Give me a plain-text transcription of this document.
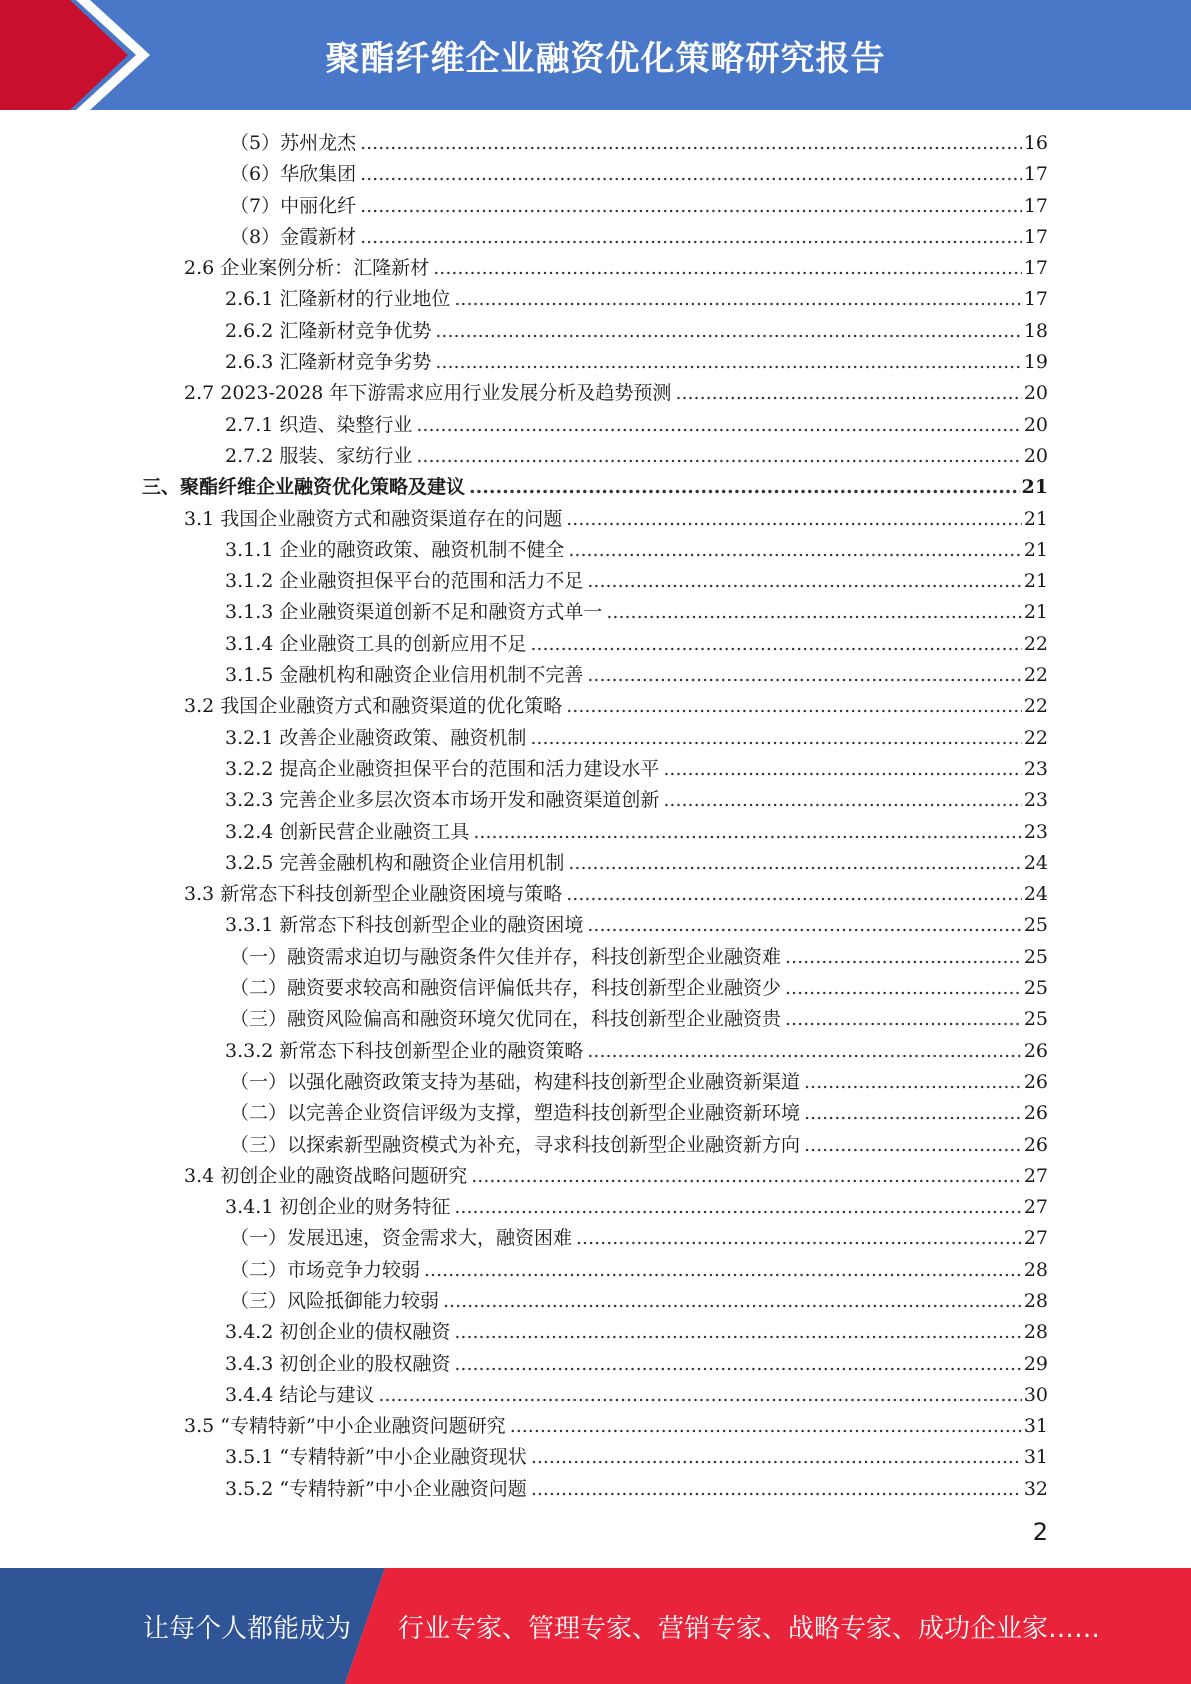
聚酯纤维企业融资优化策略研究报告
（5）苏州龙杰 .....	16
（6）华欣集团 .....	17
（7）中丽化纤 .....	17
（8）金霞新材 .....	17
2.6 企业案例分析：汇隆新材 .....	17
2.6.1 汇隆新材的行业地位 .....	17
2.6.2 汇隆新材竞争优势 .....	18
2.6.3 汇隆新材竞争劣势 .....	19
2.7 2023-2028 年下游需求应用行业发展分析及趋势预测 .....	20
2.7.1 织造、染整行业 .....	20
2.7.2 服装、家纺行业 .....	20
三、聚酯纤维企业融资优化策略及建议 .....	21
3.1 我国企业融资方式和融资渠道存在的问题 .....	21
3.1.1 企业的融资政策、融资机制不健全 .....	21
3.1.2 企业融资担保平台的范围和活力不足 .....	21
3.1.3 企业融资渠道创新不足和融资方式单一 .....	21
3.1.4 企业融资工具的创新应用不足 .....	22
3.1.5 金融机构和融资企业信用机制不完善 .....	22
3.2 我国企业融资方式和融资渠道的优化策略 .....	22
3.2.1 改善企业融资政策、融资机制 .....	22
3.2.2 提高企业融资担保平台的范围和活力建设水平 .....	23
3.2.3 完善企业多层次资本市场开发和融资渠道创新 .....	23
3.2.4 创新民营企业融资工具 .....	23
3.2.5 完善金融机构和融资企业信用机制 .....	24
3.3 新常态下科技创新型企业融资困境与策略 .....	24
3.3.1 新常态下科技创新型企业的融资困境 .....	25
（一）融资需求迫切与融资条件欠佳并存，科技创新型企业融资难 .....	25
（二）融资要求较高和融资信评偏低共存，科技创新型企业融资少 .....	25
（三）融资风险偏高和融资环境欠优同在，科技创新型企业融资贵 .....	25
3.3.2 新常态下科技创新型企业的融资策略 .....	26
（一）以强化融资政策支持为基础，构建科技创新型企业融资新渠道 .....	26
（二）以完善企业资信评级为支撑，塑造科技创新型企业融资新环境 .....	26
（三）以探索新型融资模式为补充，寻求科技创新型企业融资新方向 .....	26
3.4 初创企业的融资战略问题研究 .....	27
3.4.1 初创企业的财务特征 .....	27
（一）发展迅速，资金需求大，融资困难 .....	27
（二）市场竞争力较弱 .....	28
（三）风险抵御能力较弱 .....	28
3.4.2 初创企业的债权融资 .....	28
3.4.3 初创企业的股权融资 .....	29
3.4.4 结论与建议 .....	30
3.5 “专精特新”中小企业融资问题研究 .....	31
3.5.1 “专精特新”中小企业融资现状 .....	31
3.5.2 “专精特新”中小企业融资问题 .....	32
2
让每个人都能成为 行业专家、管理专家、营销专家、战略专家、成功企业家……
